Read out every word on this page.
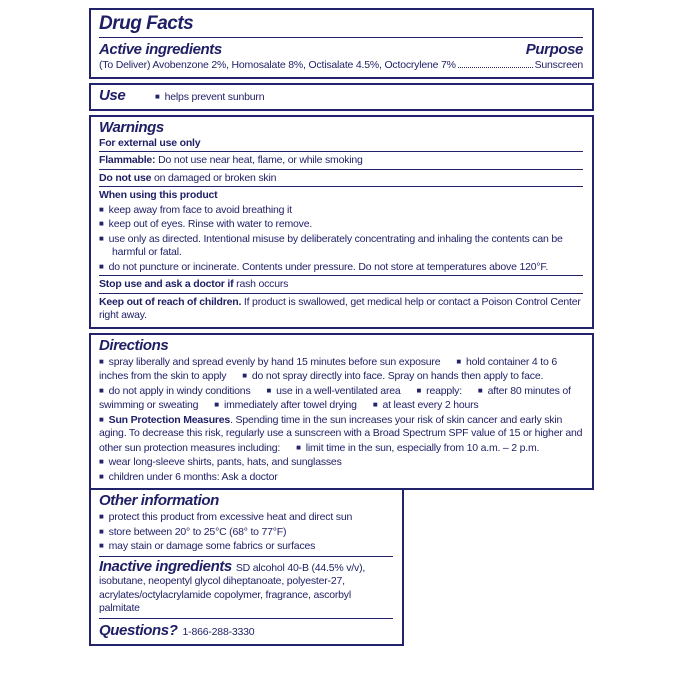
Drug Facts
Active ingredients	Purpose
(To Deliver) Avobenzone 2%, Homosalate 8%, Octisalate 4.5%, Octocrylene 7%	Sunscreen
Use	■ helps prevent sunburn
Warnings
For external use only
Flammable: Do not use near heat, flame, or while smoking
Do not use on damaged or broken skin
When using this product
■ keep away from face to avoid breathing it
■ keep out of eyes. Rinse with water to remove.
■ use only as directed. Intentional misuse by deliberately concentrating and inhaling the contents can be harmful or fatal.
■ do not puncture or incinerate. Contents under pressure. Do not store at temperatures above 120°F.
Stop use and ask a doctor if rash occurs
Keep out of reach of children. If product is swallowed, get medical help or contact a Poison Control Center right away.
Directions
■ spray liberally and spread evenly by hand 15 minutes before sun exposure ■ hold container 4 to 6 inches from the skin to apply ■ do not spray directly into face. Spray on hands then apply to face.
■ do not apply in windy conditions ■ use in a well-ventilated area ■ reapply: ■ after 80 minutes of swimming or sweating ■ immediately after towel drying ■ at least every 2 hours
■ Sun Protection Measures. Spending time in the sun increases your risk of skin cancer and early skin aging. To decrease this risk, regularly use a sunscreen with a Broad Spectrum SPF value of 15 or higher and other sun protection measures including: ■ limit time in the sun, especially from 10 a.m. – 2 p.m.
■ wear long-sleeve shirts, pants, hats, and sunglasses
■ children under 6 months: Ask a doctor
Other information
■ protect this product from excessive heat and direct sun
■ store between 20° to 25°C (68° to 77°F)
■ may stain or damage some fabrics or surfaces
Inactive ingredients SD alcohol 40-B (44.5% v/v), isobutane, neopentyl glycol diheptanoate, polyester-27, acrylates/octylacrylamide copolymer, fragrance, ascorbyl palmitate
Questions? 1-866-288-3330
